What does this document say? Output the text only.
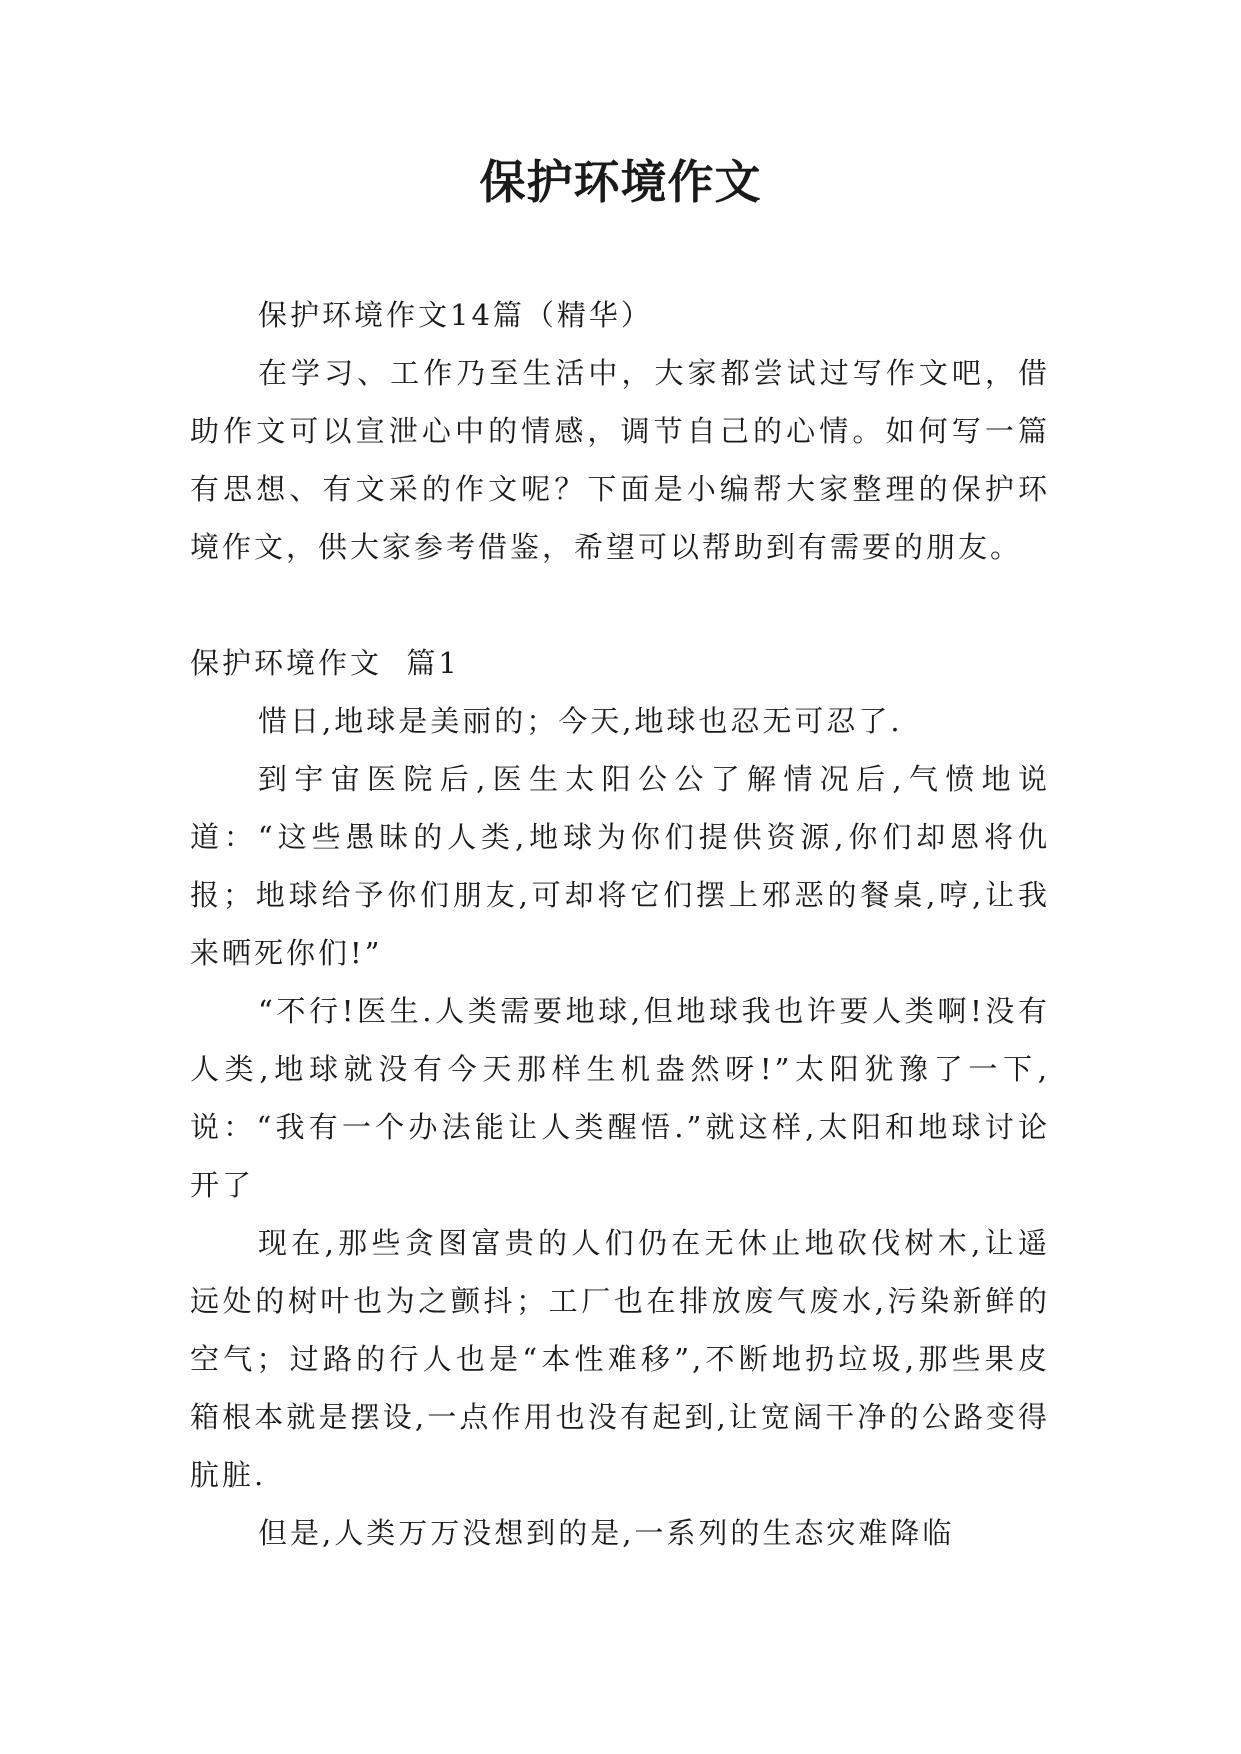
保护环境作文

保护环境作文14篇（精华）

在学习、工作乃至生活中，大家都尝试过写作文吧，借助作文可以宣泄心中的情感，调节自己的心情。如何写一篇有思想、有文采的作文呢？下面是小编帮大家整理的保护环境作文，供大家参考借鉴，希望可以帮助到有需要的朋友。

保护环境作文  篇1

惜日,地球是美丽的；今天,地球也忍无可忍了.

到宇宙医院后,医生太阳公公了解情况后,气愤地说道：“这些愚昧的人类,地球为你们提供资源,你们却恩将仇报；地球给予你们朋友,可却将它们摆上邪恶的餐桌,哼,让我来晒死你们!”

“不行!医生.人类需要地球,但地球我也许要人类啊!没有人类,地球就没有今天那样生机盎然呀!”太阳犹豫了一下,说：“我有一个办法能让人类醒悟.”就这样,太阳和地球讨论开了

现在,那些贪图富贵的人们仍在无休止地砍伐树木,让遥远处的树叶也为之颤抖；工厂也在排放废气废水,污染新鲜的空气；过路的行人也是“本性难移”,不断地扔垃圾,那些果皮箱根本就是摆设,一点作用也没有起到,让宽阔干净的公路变得肮脏.

但是,人类万万没想到的是,一系列的生态灾难降临
